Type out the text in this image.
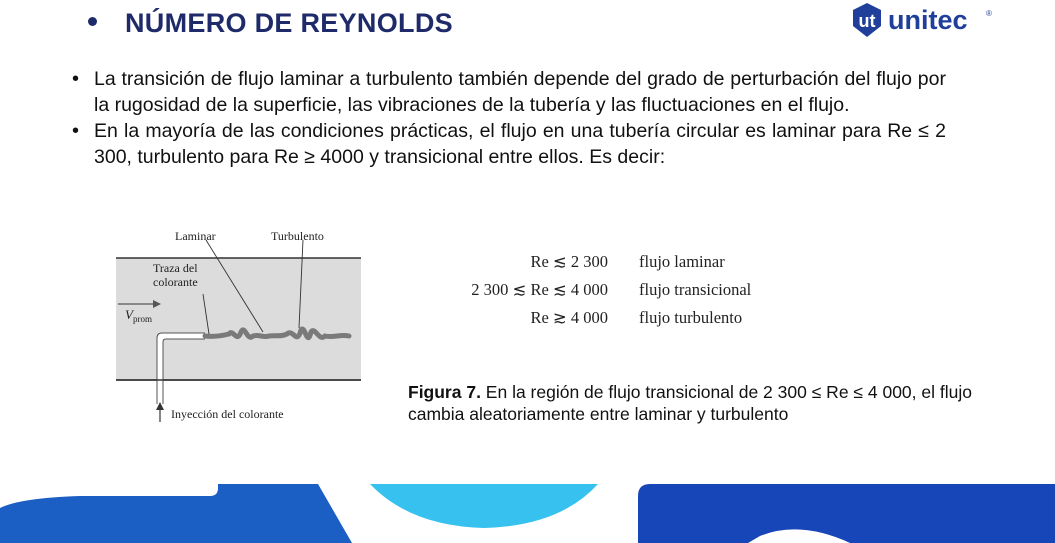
NÚMERO DE REYNOLDS	ut unitec ®
• La transición de flujo laminar a turbulento también depende del grado de perturbación del flujo por la rugosidad de la superficie, las vibraciones de la tubería y las fluctuaciones en el flujo.
• En la mayoría de las condiciones prácticas, el flujo en una tubería circular es laminar para Re ≤ 2 300, turbulento para Re ≥ 4000 y transicional entre ellos. Es decir:
Laminar	Turbulento
Traza del
colorante
$V_{prom}$
Inyección del colorante
Re ≲ 2 300 flujo laminar
2 300 ≲ Re ≲ 4 000 flujo transicional
Re ≳ 4 000 flujo turbulento
Figura 7. En la región de flujo transicional de 2 300 ≤ Re ≤ 4 000, el flujo cambia aleatoriamente entre laminar y turbulento
